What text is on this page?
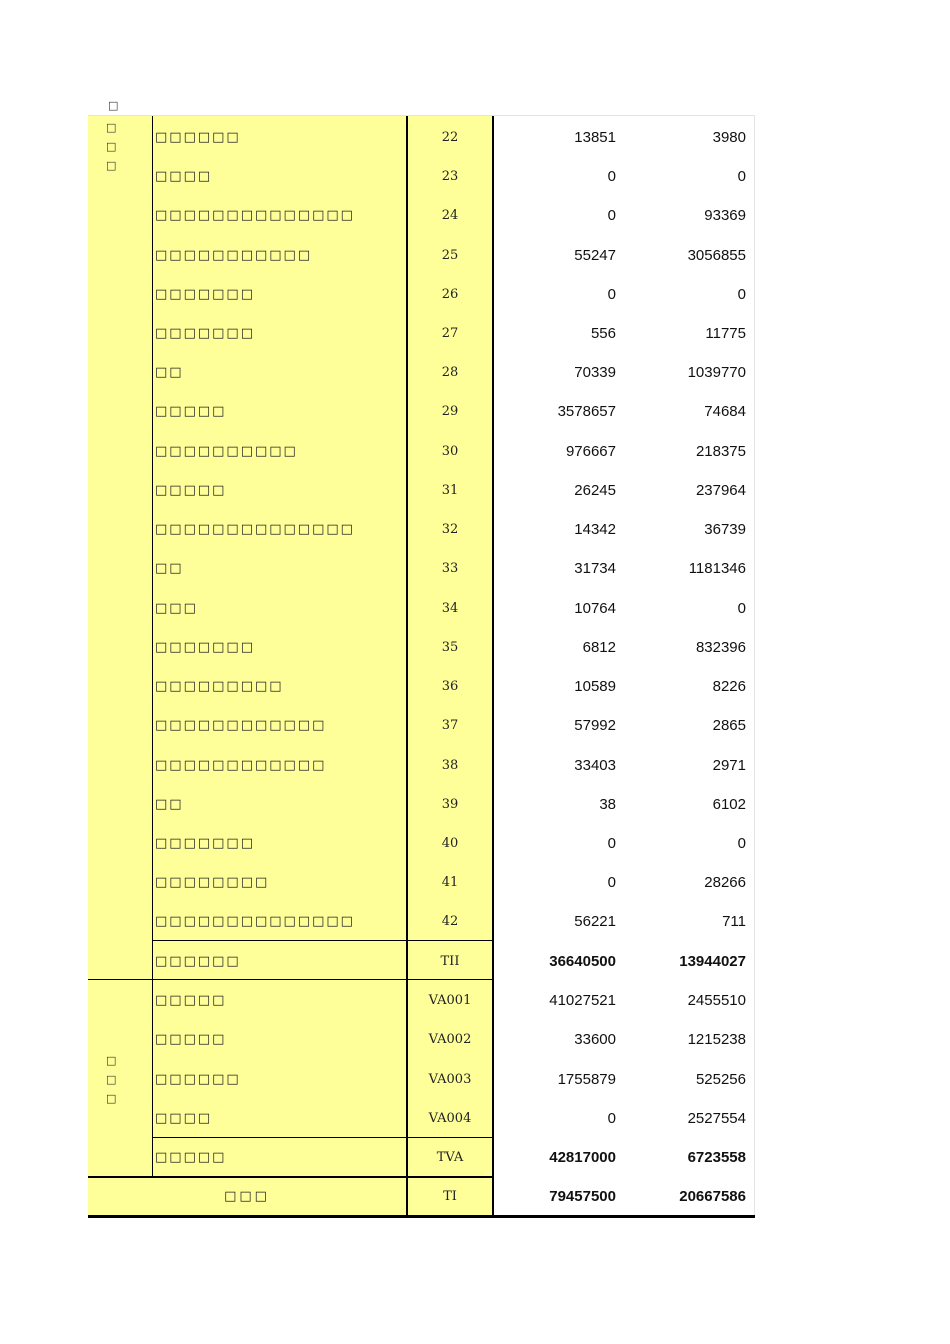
□
□
□
□
□
□
□
□□□□□□	22	13851	3980
□□□□	23	0	0
□□□□□□□□□□□□□□	24	0	93369
□□□□□□□□□□□	25	55247	3056855
□□□□□□□	26	0	0
□□□□□□□	27	556	11775
□□	28	70339	1039770
□□□□□	29	3578657	74684
□□□□□□□□□□	30	976667	218375
□□□□□	31	26245	237964
□□□□□□□□□□□□□□	32	14342	36739
□□	33	31734	1181346
□□□	34	10764	0
□□□□□□□	35	6812	832396
□□□□□□□□□	36	10589	8226
□□□□□□□□□□□□	37	57992	2865
□□□□□□□□□□□□	38	33403	2971
□□	39	38	6102
□□□□□□□	40	0	0
□□□□□□□□	41	0	28266
□□□□□□□□□□□□□□	42	56221	711
□□□□□□	TII	36640500	13944027
□□□□□	VA001	41027521	2455510
□□□□□	VA002	33600	1215238
□□□□□□	VA003	1755879	525256
□□□□	VA004	0	2527554
□□□□□	TVA	42817000	6723558
□□□	TI	79457500	20667586
